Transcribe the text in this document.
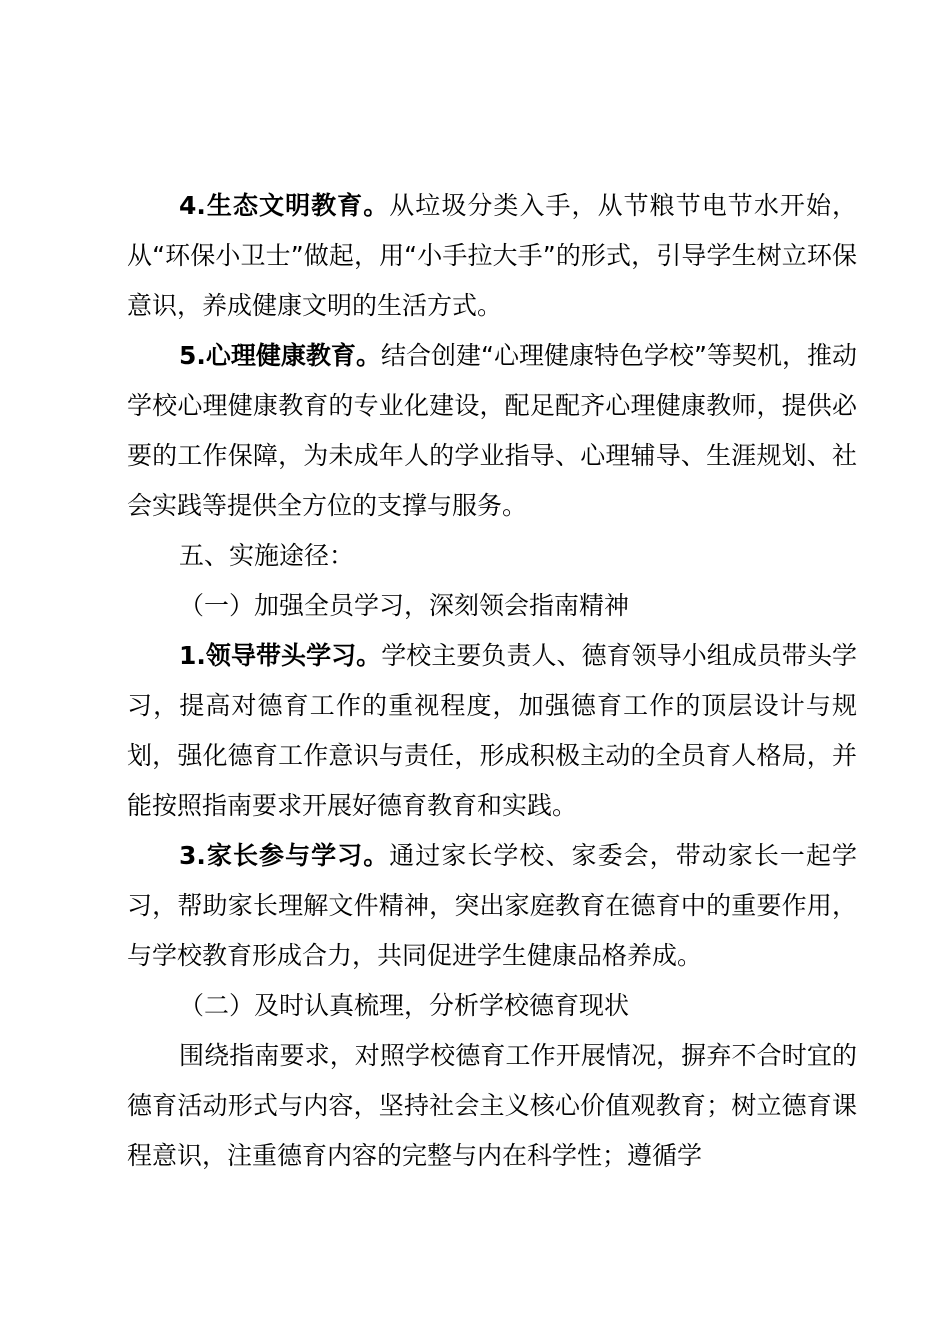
4.生态文明教育。从垃圾分类入手，从节粮节电节水开始，从“环保小卫士”做起，用“小手拉大手”的形式，引导学生树立环保意识，养成健康文明的生活方式。

5.心理健康教育。结合创建“心理健康特色学校”等契机，推动学校心理健康教育的专业化建设，配足配齐心理健康教师，提供必要的工作保障，为未成年人的学业指导、心理辅导、生涯规划、社会实践等提供全方位的支撑与服务。

五、实施途径：

（一）加强全员学习，深刻领会指南精神

1.领导带头学习。学校主要负责人、德育领导小组成员带头学习，提高对德育工作的重视程度，加强德育工作的顶层设计与规划，强化德育工作意识与责任，形成积极主动的全员育人格局，并能按照指南要求开展好德育教育和实践。

3.家长参与学习。通过家长学校、家委会，带动家长一起学习，帮助家长理解文件精神，突出家庭教育在德育中的重要作用，与学校教育形成合力，共同促进学生健康品格养成。

（二）及时认真梳理，分析学校德育现状

围绕指南要求，对照学校德育工作开展情况，摒弃不合时宜的德育活动形式与内容，坚持社会主义核心价值观教育；树立德育课程意识，注重德育内容的完整与内在科学性；遵循学
